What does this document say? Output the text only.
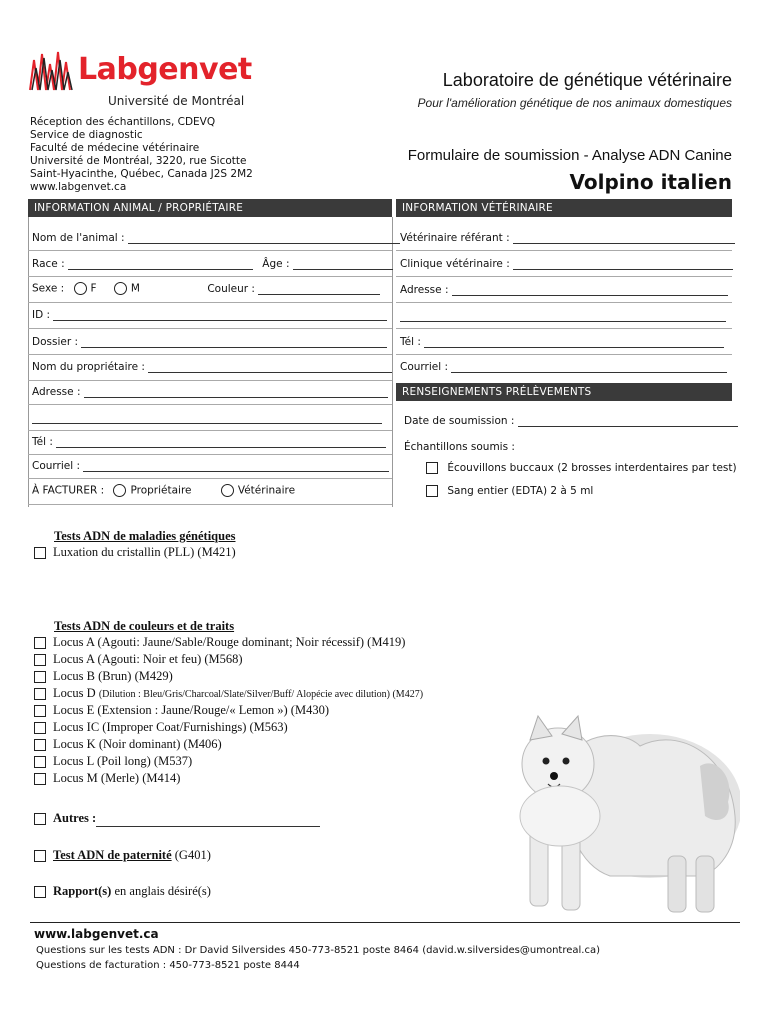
Labgenvet
Université de Montréal
Laboratoire de génétique vétérinaire
Pour l'amélioration génétique de nos animaux domestiques
Réception des échantillons, CDEVQ
Service de diagnostic
Faculté de médecine vétérinaire
Université de Montréal, 3220, rue Sicotte
Saint-Hyacinthe, Québec, Canada J2S 2M2
www.labgenvet.ca
Formulaire de soumission - Analyse ADN Canine
Volpino italien
INFORMATION ANIMAL / PROPRIÉTAIRE	INFORMATION VÉTÉRINAIRE
RENSEIGNEMENTS PRÉLÈVEMENTS
Nom de l'animal :
Race :	Âge :
Sexe :	F	M	Couleur :
ID :
Dossier :
Nom du propriétaire :
Adresse :
Tél :
Courriel :
À FACTURER :	Propriétaire	Vétérinaire
Vétérinaire référant :
Clinique vétérinaire :
Adresse :
Tél :
Courriel :
Date de soumission :
Échantillons soumis :
Écouvillons buccaux (2 brosses interdentaires par test)
Sang entier (EDTA) 2 à 5 ml
Tests ADN de maladies génétiques
Luxation du cristallin (PLL) (M421)
Tests ADN de couleurs et de traits
Locus A (Agouti: Jaune/Sable/Rouge dominant; Noir récessif) (M419)
Locus A (Agouti: Noir et feu) (M568)
Locus B (Brun) (M429)
Locus D (Dilution : Bleu/Gris/Charcoal/Slate/Silver/Buff/ Alopécie avec dilution) (M427)
Locus E (Extension : Jaune/Rouge/« Lemon ») (M430)
Locus IC (Improper Coat/Furnishings) (M563)
Locus K (Noir dominant) (M406)
Locus L (Poil long) (M537)
Locus M (Merle) (M414)
Autres :
Test ADN de paternité (G401)
Rapport(s) en anglais désiré(s)
www.labgenvet.ca
Questions sur les tests ADN : Dr David Silversides 450-773-8521 poste 8464 (david.w.silversides@umontreal.ca)
Questions de facturation : 450-773-8521 poste 8444
